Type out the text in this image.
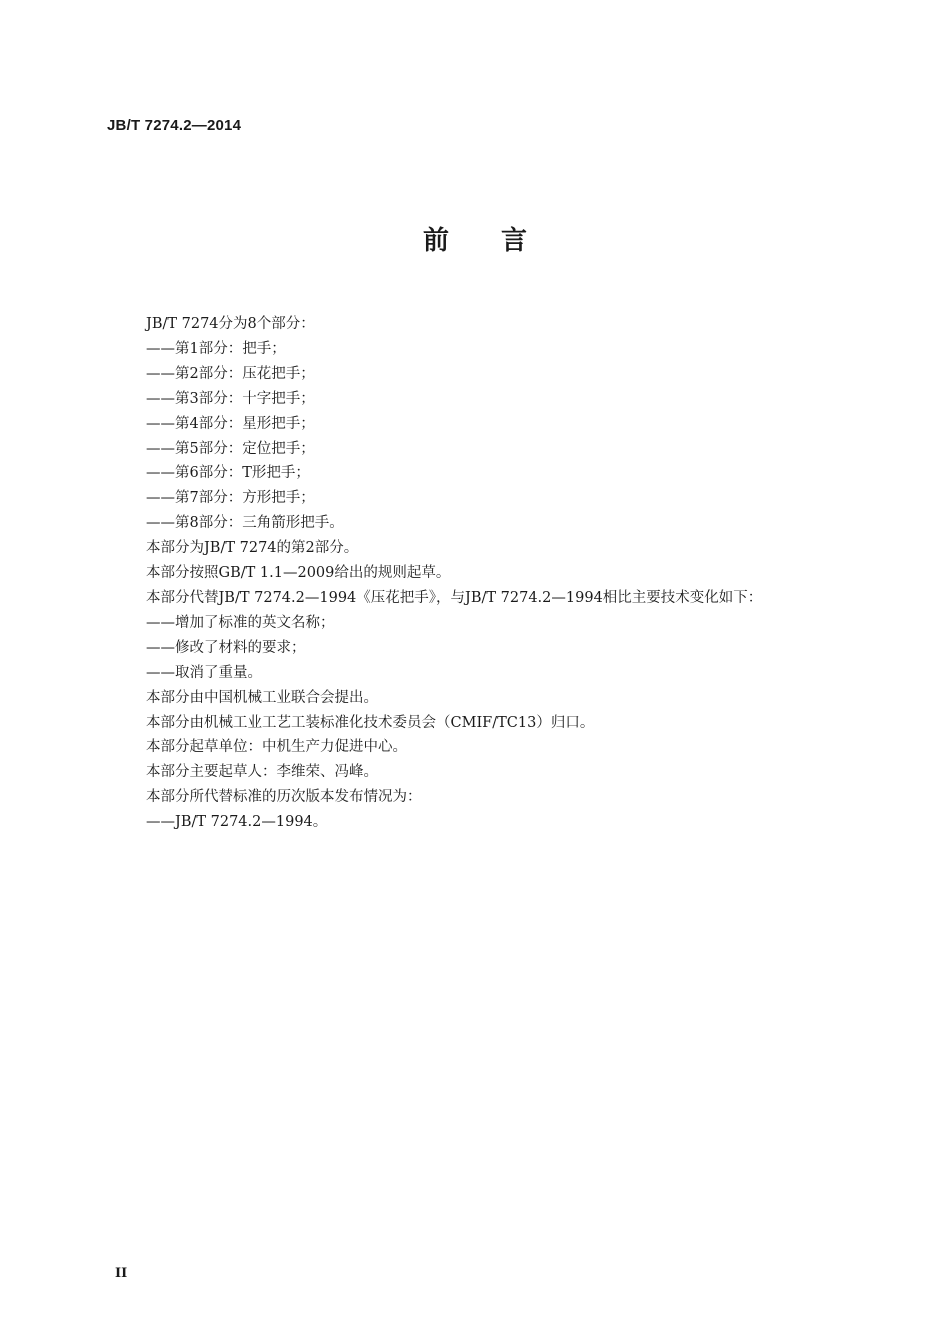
JB/T 7274.2—2014
前言
JB/T 7274分为8个部分：
——第1部分：把手；
——第2部分：压花把手；
——第3部分：十字把手；
——第4部分：星形把手；
——第5部分：定位把手；
——第6部分：T形把手；
——第7部分：方形把手；
——第8部分：三角箭形把手。
本部分为JB/T 7274的第2部分。
本部分按照GB/T 1.1—2009给出的规则起草。
本部分代替JB/T 7274.2—1994《压花把手》，与JB/T 7274.2—1994相比主要技术变化如下：
——增加了标准的英文名称；
——修改了材料的要求；
——取消了重量。
本部分由中国机械工业联合会提出。
本部分由机械工业工艺工装标准化技术委员会（CMIF/TC13）归口。
本部分起草单位：中机生产力促进中心。
本部分主要起草人：李维荣、冯峰。
本部分所代替标准的历次版本发布情况为：
——JB/T 7274.2—1994。
II
